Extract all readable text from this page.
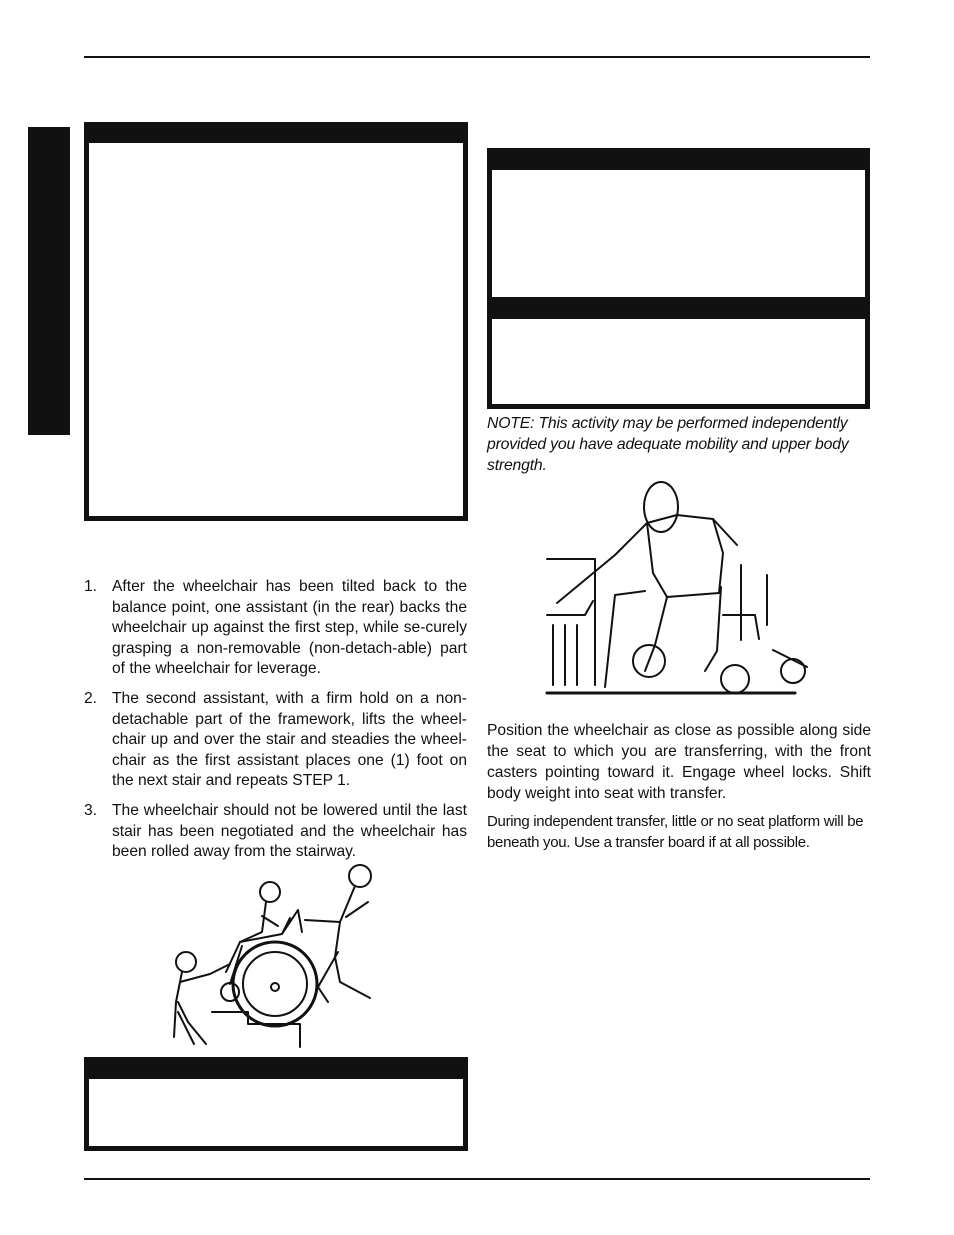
1. After the wheelchair has been tilted back to the balance point, one assistant (in the rear) backs the wheelchair up against the first step, while se-curely grasping a non-removable (non-detach-able) part of the wheelchair for leverage.
2. The second assistant, with a firm hold on a non-detachable part of the framework, lifts the wheel-chair up and over the stair and steadies the wheel-chair as the first assistant places one (1) foot on the next stair and repeats STEP 1.
3. The wheelchair should not be lowered until the last stair has been negotiated and the wheelchair has been rolled away from the stairway.
NOTE: This activity may be performed independently provided you have adequate mobility and upper body strength.
Position the wheelchair as close as possible along side the seat to which you are transferring, with the front casters pointing toward it. Engage wheel locks. Shift body weight into seat with transfer.
During independent transfer, little or no seat platform will be beneath you. Use a transfer board if at all possible.
